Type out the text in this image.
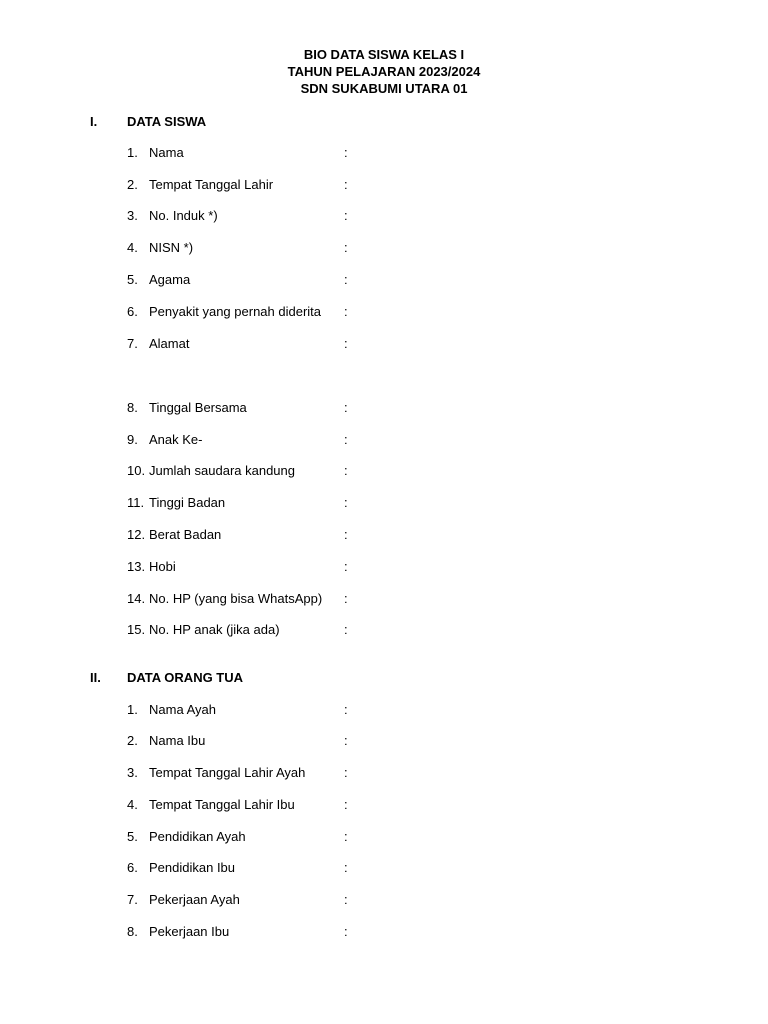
BIO DATA SISWA KELAS I
TAHUN PELAJARAN 2023/2024
SDN SUKABUMI UTARA 01
I. DATA SISWA
1. Nama	:
2. Tempat Tanggal Lahir	:
3. No. Induk *)	:
4. NISN *)	:
5. Agama	:
6. Penyakit yang pernah diderita :
7. Alamat	:
8. Tinggal Bersama	:
9. Anak Ke-	:
10. Jumlah saudara kandung	:
11. Tinggi Badan	:
12. Berat Badan	:
13. Hobi	:
14. No. HP (yang bisa WhatsApp) :
15. No. HP anak (jika ada)	:
II. DATA ORANG TUA
1. Nama Ayah	:
2. Nama Ibu	:
3. Tempat Tanggal Lahir Ayah	:
4. Tempat Tanggal Lahir Ibu	:
5. Pendidikan Ayah	:
6. Pendidikan Ibu	:
7. Pekerjaan Ayah	:
8. Pekerjaan Ibu	:
